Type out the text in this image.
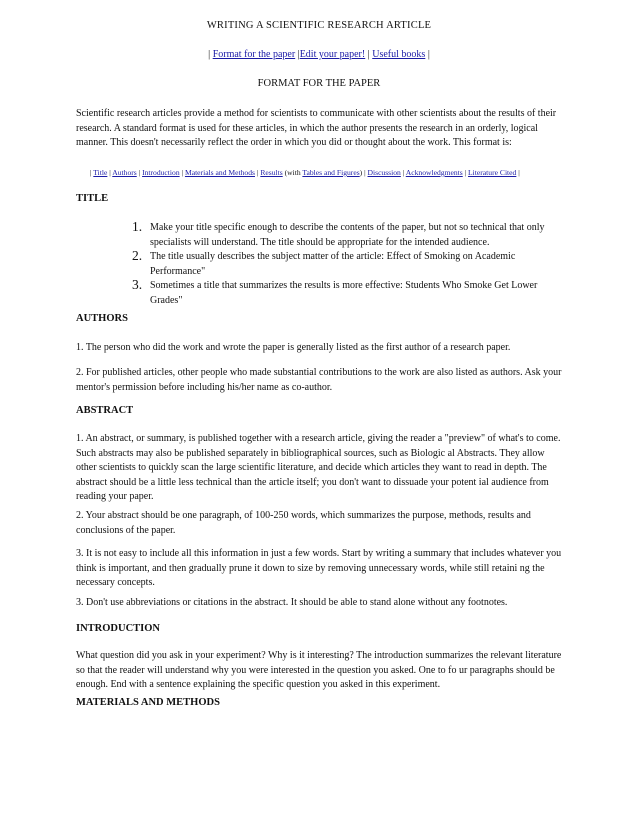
WRITING A SCIENTIFIC RESEARCH ARTICLE
| Format for the paper |Edit your paper! | Useful books |
FORMAT FOR THE PAPER
Scientific research articles provide a method for scientists to communicate with other scientists about the results of their research. A standard format is used for these articles, in which the author presents the research in an orderly, logical manner. This doesn't necessarily reflect the order in which you did or thought about the work. This format is:
| Title | Authors | Introduction | Materials and Methods | Results (with Tables and Figures) | Discussion | Acknowledgments | Literature Cited |
TITLE
1. Make your title specific enough to describe the contents of the paper, but not so technical that only specialists will understand. The title should be appropriate for the intended audience.
2. The title usually describes the subject matter of the article: Effect of Smoking on Academic Performance"
3. Sometimes a title that summarizes the results is more effective: Students Who Smoke Get Lower Grades"
AUTHORS
1. The person who did the work and wrote the paper is generally listed as the first author of a research paper.
2. For published articles, other people who made substantial contributions to the work are also listed as authors. Ask your mentor's permission before including his/her name as co-author.
ABSTRACT
1. An abstract, or summary, is published together with a research article, giving the reader a "preview" of what's to come. Such abstracts may also be published separately in bibliographical sources, such as Biologic al Abstracts. They allow other scientists to quickly scan the large scientific literature, and decide which articles they want to read in depth. The abstract should be a little less technical than the article itself; you don't want to dissuade your potent ial audience from reading your paper.
2. Your abstract should be one paragraph, of 100-250 words, which summarizes the purpose, methods, results and conclusions of the paper.
3. It is not easy to include all this information in just a few words. Start by writing a summary that includes whatever you think is important, and then gradually prune it down to size by removing unnecessary words, while still retaini ng the necessary concepts.
3. Don't use abbreviations or citations in the abstract. It should be able to stand alone without any footnotes.
INTRODUCTION
What question did you ask in your experiment? Why is it interesting? The introduction summarizes the relevant literature so that the reader will understand why you were interested in the question you asked. One to fo ur paragraphs should be enough. End with a sentence explaining the specific question you asked in this experiment.
MATERIALS AND METHODS
